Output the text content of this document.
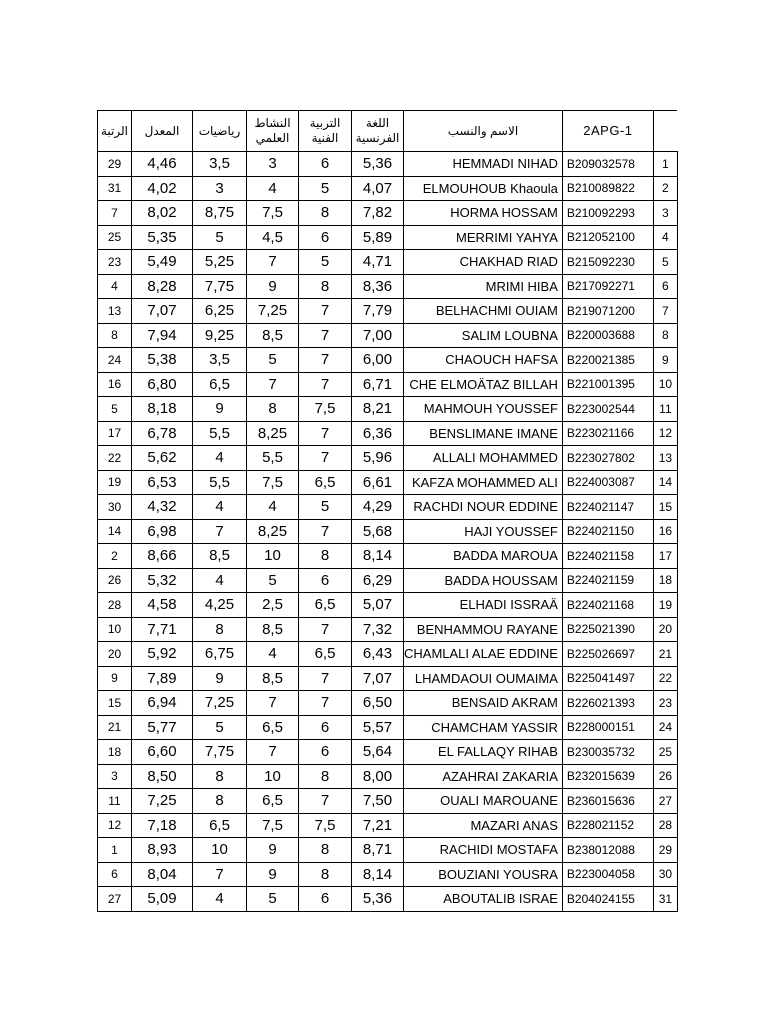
الرتبة	المعدل	رياضيات	النشاط العلمي	التربية الفنية	اللغة الفرنسية	الاسم والنسب	2APG-1	
29	4,46	3,5	3	6	5,36	HEMMADI NIHAD	B209032578	1
31	4,02	3	4	5	4,07	ELMOUHOUB Khaoula	B210089822	2
7	8,02	8,75	7,5	8	7,82	HORMA HOSSAM	B210092293	3
25	5,35	5	4,5	6	5,89	MERRIMI YAHYA	B212052100	4
23	5,49	5,25	7	5	4,71	CHAKHAD RIAD	B215092230	5
4	8,28	7,75	9	8	8,36	MRIMI HIBA	B217092271	6
13	7,07	6,25	7,25	7	7,79	BELHACHMI OUIAM	B219071200	7
8	7,94	9,25	8,5	7	7,00	SALIM LOUBNA	B220003688	8
24	5,38	3,5	5	7	6,00	CHAOUCH HAFSA	B220021385	9
16	6,80	6,5	7	7	6,71	CHE ELMOÄTAZ BILLAH	B221001395	10
5	8,18	9	8	7,5	8,21	MAHMOUH YOUSSEF	B223002544	11
17	6,78	5,5	8,25	7	6,36	BENSLIMANE IMANE	B223021166	12
22	5,62	4	5,5	7	5,96	ALLALI MOHAMMED	B223027802	13
19	6,53	5,5	7,5	6,5	6,61	KAFZA MOHAMMED ALI	B224003087	14
30	4,32	4	4	5	4,29	RACHDI NOUR EDDINE	B224021147	15
14	6,98	7	8,25	7	5,68	HAJI YOUSSEF	B224021150	16
2	8,66	8,5	10	8	8,14	BADDA MAROUA	B224021158	17
26	5,32	4	5	6	6,29	BADDA HOUSSAM	B224021159	18
28	4,58	4,25	2,5	6,5	5,07	ELHADI ISSRAÄ	B224021168	19
10	7,71	8	8,5	7	7,32	BENHAMMOU RAYANE	B225021390	20
20	5,92	6,75	4	6,5	6,43	CHAMLALI ALAE EDDINE	B225026697	21
9	7,89	9	8,5	7	7,07	LHAMDAOUI OUMAIMA	B225041497	22
15	6,94	7,25	7	7	6,50	BENSAID AKRAM	B226021393	23
21	5,77	5	6,5	6	5,57	CHAMCHAM YASSIR	B228000151	24
18	6,60	7,75	7	6	5,64	EL FALLAQY RIHAB	B230035732	25
3	8,50	8	10	8	8,00	AZAHRAI ZAKARIA	B232015639	26
11	7,25	8	6,5	7	7,50	OUALI MAROUANE	B236015636	27
12	7,18	6,5	7,5	7,5	7,21	MAZARI ANAS	B228021152	28
1	8,93	10	9	8	8,71	RACHIDI MOSTAFA	B238012088	29
6	8,04	7	9	8	8,14	BOUZIANI YOUSRA	B223004058	30
27	5,09	4	5	6	5,36	ABOUTALIB ISRAE	B204024155	31
